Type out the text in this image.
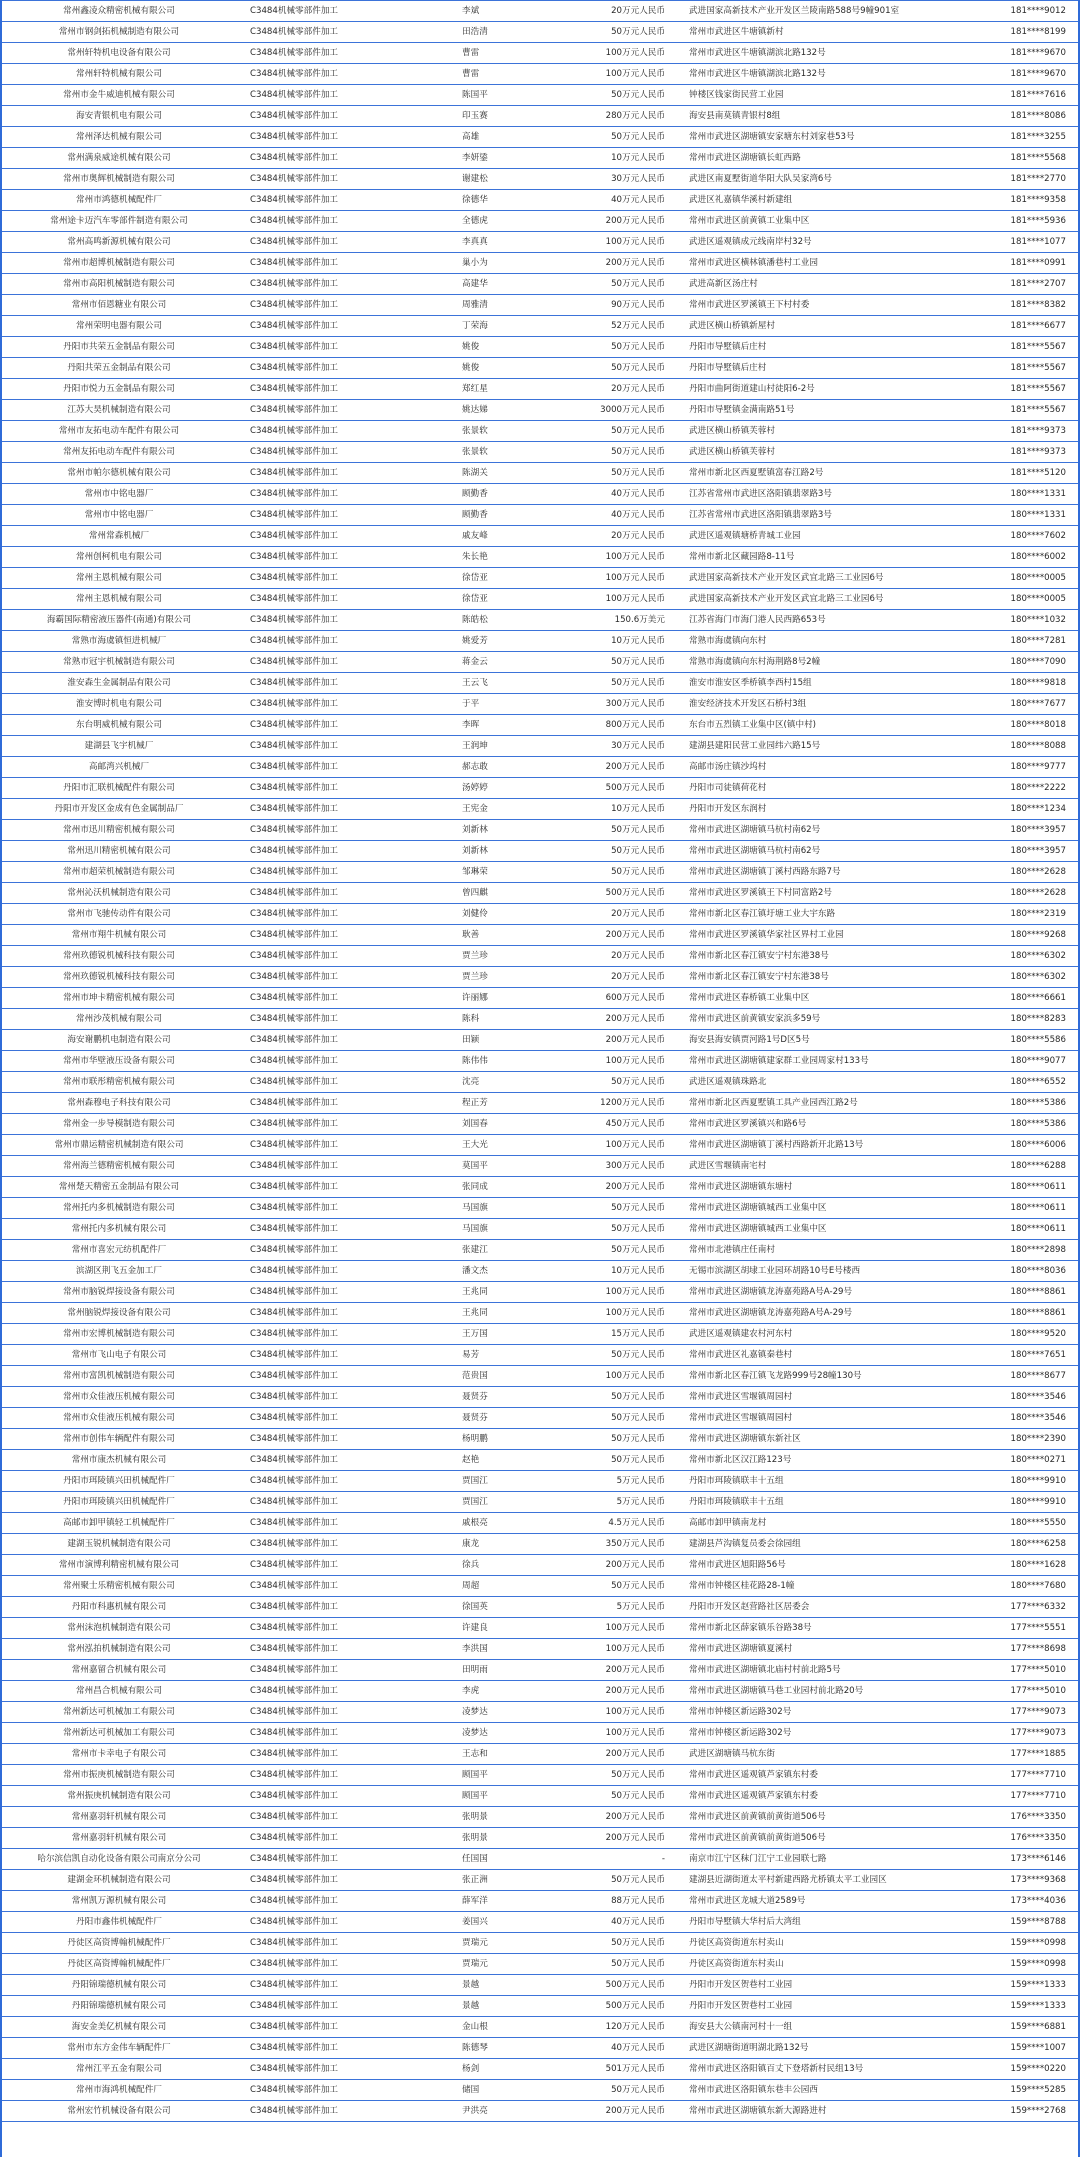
常州鑫凌众精密机械有限公司	C3484机械零部件加工	李斌	20万元人民币	武进国家高新技术产业开发区兰陵南路588号9幢901室	181****9012
常州市钢剑拓机械制造有限公司	C3484机械零部件加工	田浩清	50万元人民币	常州市武进区牛塘镇新村	181****8199
常州轩特机电设备有限公司	C3484机械零部件加工	曹雷	100万元人民币	常州市武进区牛塘镇湖滨北路132号	181****9670
常州轩特机械有限公司	C3484机械零部件加工	曹雷	100万元人民币	常州市武进区牛塘镇湖滨北路132号	181****9670
常州市金牛威迪机械有限公司	C3484机械零部件加工	陈国平	50万元人民币	钟楼区钱家街民营工业园	181****7616
海安青银机电有限公司	C3484机械零部件加工	印玉赛	280万元人民币	海安县南莫镇青银村8组	181****8086
常州泽达机械有限公司	C3484机械零部件加工	高雄	50万元人民币	常州市武进区湖塘镇安家塘东村刘家巷53号	181****3255
常州满泉威途机械有限公司	C3484机械零部件加工	李妍鋈	10万元人民币	常州市武进区湖塘镇长虹西路	181****5568
常州市奥辉机械制造有限公司	C3484机械零部件加工	谢建松	30万元人民币	武进区南夏墅街道华阳大队吴家湾6号	181****2770
常州市鸿德机械配件厂	C3484机械零部件加工	徐德华	40万元人民币	武进区礼嘉镇华溪村新建组	181****9358
常州途卡迈汽车零部件制造有限公司	C3484机械零部件加工	全德虎	200万元人民币	常州市武进区前黄镇工业集中区	181****5936
常州高鸣新源机械有限公司	C3484机械零部件加工	李真真	100万元人民币	武进区遥观镇成元线南岸村32号	181****1077
常州市超博机械制造有限公司	C3484机械零部件加工	巢小为	200万元人民币	常州市武进区横林镇潘巷村工业园	181****0991
常州市高阳机械制造有限公司	C3484机械零部件加工	高建华	50万元人民币	武进高新区汤庄村	181****2707
常州市佰恩糖业有限公司	C3484机械零部件加工	周雅清	90万元人民币	常州市武进区罗溪镇王下村村委	181****8382
常州荣明电器有限公司	C3484机械零部件加工	丁荣海	52万元人民币	武进区横山桥镇新屋村	181****6677
丹阳市共荣五金制品有限公司	C3484机械零部件加工	姚俊	50万元人民币	丹阳市导墅镇后庄村	181****5567
丹阳共荣五金制品有限公司	C3484机械零部件加工	姚俊	50万元人民币	丹阳市导墅镇后庄村	181****5567
丹阳市悦力五金制品有限公司	C3484机械零部件加工	郑红星	20万元人民币	丹阳市曲阿街道建山村徒阳6-2号	181****5567
江苏大昊机械制造有限公司	C3484机械零部件加工	姚达娣	3000万元人民币	丹阳市导墅镇金满南路51号	181****5567
常州市友拓电动车配件有限公司	C3484机械零部件加工	张景软	50万元人民币	武进区横山桥镇芙蓉村	181****9373
常州友拓电动车配件有限公司	C3484机械零部件加工	张景软	50万元人民币	武进区横山桥镇芙蓉村	181****9373
常州市帕尔德机械有限公司	C3484机械零部件加工	陈湖关	50万元人民币	常州市新北区西夏墅镇富春江路2号	181****5120
常州市中铭电器厂	C3484机械零部件加工	顾勤香	40万元人民币	江苏省常州市武进区洛阳镇翡翠路3号	180****1331
常州市中铭电器厂	C3484机械零部件加工	顾勤香	40万元人民币	江苏省常州市武进区洛阳镇翡翠路3号	180****1331
常州常森机械厂	C3484机械零部件加工	戚友峰	20万元人民币	武进区遥观镇塘桥青城工业园	180****7602
常州创柯机电有限公司	C3484机械零部件加工	朱长艳	100万元人民币	常州市新北区藏园路8-11号	180****6002
常州主恩机械有限公司	C3484机械零部件加工	徐岱亚	100万元人民币	武进国家高新技术产业开发区武宜北路三工业园6号	180****0005
常州主恩机械有限公司	C3484机械零部件加工	徐岱亚	100万元人民币	武进国家高新技术产业开发区武宜北路三工业园6号	180****0005
海霸国际精密液压器件(南通)有限公司	C3484机械零部件加工	陈皓松	150.6万美元	江苏省海门市海门港人民西路653号	180****1032
常熟市海虞镇恒进机械厂	C3484机械零部件加工	姚爱芳	10万元人民币	常熟市海虞镇向东村	180****7281
常熟市冠宇机械制造有限公司	C3484机械零部件加工	蒋金云	50万元人民币	常熟市海虞镇向东村海荆路8号2幢	180****7090
淮安森生金属制品有限公司	C3484机械零部件加工	王云飞	50万元人民币	淮安市淮安区季桥镇李西村15组	180****9818
淮安博时机电有限公司	C3484机械零部件加工	于平	300万元人民币	淮安经济技术开发区石桥村3组	180****7677
东台明威机械有限公司	C3484机械零部件加工	李晖	800万元人民币	东台市五烈镇工业集中区(镇中村)	180****8018
建湖县飞宇机械厂	C3484机械零部件加工	王润坤	30万元人民币	建湖县建阳民营工业园纬六路15号	180****8088
高邮湾兴机械厂	C3484机械零部件加工	郝志敢	200万元人民币	高邮市汤庄镇沙坞村	180****9777
丹阳市汇联机械配件有限公司	C3484机械零部件加工	汤婷婷	500万元人民币	丹阳市司徒镇荷花村	180****2222
丹阳市开发区金成有色金属制品厂	C3484机械零部件加工	王宪金	10万元人民币	丹阳市开发区东润村	180****1234
常州市迅川精密机械有限公司	C3484机械零部件加工	刘新林	50万元人民币	常州市武进区湖塘镇马杭村南62号	180****3957
常州迅川精密机械有限公司	C3484机械零部件加工	刘新林	50万元人民币	常州市武进区湖塘镇马杭村南62号	180****3957
常州市超荣机械制造有限公司	C3484机械零部件加工	邹琳荣	50万元人民币	常州市武进区湖塘镇丁溪村西路东路7号	180****2628
常州沁沃机械制造有限公司	C3484机械零部件加工	曾四麒	500万元人民币	常州市武进区罗溪镇王下村同富路2号	180****2628
常州市飞驰传动件有限公司	C3484机械零部件加工	刘健伶	20万元人民币	常州市新北区春江镇圩塘工业大宇东路	180****2319
常州市翔牛机械有限公司	C3484机械零部件加工	耿善	200万元人民币	常州市武进区罗溪镇华家社区界村工业园	180****9268
常州玖德锐机械科技有限公司	C3484机械零部件加工	贾兰珍	20万元人民币	常州市新北区春江镇安宁村东港38号	180****6302
常州玖德锐机械科技有限公司	C3484机械零部件加工	贾兰珍	20万元人民币	常州市新北区春江镇安宁村东港38号	180****6302
常州市坤卡精密机械有限公司	C3484机械零部件加工	许丽娜	600万元人民币	常州市武进区春桥镇工业集中区	180****6661
常州沙茂机械有限公司	C3484机械零部件加工	陈科	200万元人民币	常州市武进区前黄镇安家浜多59号	180****8283
海安谢鹏机电制造有限公司	C3484机械零部件加工	田颖	200万元人民币	海安县海安镇贾河路1号D区5号	180****5586
常州市华壁液压设备有限公司	C3484机械零部件加工	陈伟伟	100万元人民币	常州市武进区湖塘镇建家群工业园周家村133号	180****9077
常州市联彤精密机械有限公司	C3484机械零部件加工	沈亮	50万元人民币	武进区遥观镇珠路北	180****6552
常州森穆电子科技有限公司	C3484机械零部件加工	程正芳	1200万元人民币	常州市新北区西夏墅镇工具产业园西江路2号	180****5386
常州金一步导模制造有限公司	C3484机械零部件加工	刘国春	450万元人民币	常州市武进区罗溪镇兴和路6号	180****5386
常州市鼎运精密机械制造有限公司	C3484机械零部件加工	王大光	100万元人民币	常州市武进区湖塘镇丁溪村西路新开北路13号	180****6006
常州海兰德精密机械有限公司	C3484机械零部件加工	莫国平	300万元人民币	武进区雪堰镇南宅村	180****6288
常州楚天精密五金制品有限公司	C3484机械零部件加工	张同成	200万元人民币	常州市武进区湖塘镇东塘村	180****0611
常州托内多机械制造有限公司	C3484机械零部件加工	马国旗	50万元人民币	常州市武进区湖塘镇城西工业集中区	180****0611
常州托内多机械有限公司	C3484机械零部件加工	马国旗	50万元人民币	常州市武进区湖塘镇城西工业集中区	180****0611
常州市喜宏元纺机配件厂	C3484机械零部件加工	张建江	50万元人民币	常州市北港镇庄任南村	180****2898
滨湖区荆飞五金加工厂	C3484机械零部件加工	潘文杰	10万元人民币	无锡市滨湖区胡埭工业园环胡路10号E号楼西	180****8036
常州市脑锐焊接设备有限公司	C3484机械零部件加工	王兆同	100万元人民币	常州市武进区湖塘镇龙涛嘉苑路A号A-29号	180****8861
常州脑锐焊接设备有限公司	C3484机械零部件加工	王兆同	100万元人民币	常州市武进区湖塘镇龙涛嘉苑路A号A-29号	180****8861
常州市宏博机械制造有限公司	C3484机械零部件加工	王万国	15万元人民币	武进区遥观镇建农村河东村	180****9520
常州市飞山电子有限公司	C3484机械零部件加工	易芳	50万元人民币	常州市武进区礼嘉镇秦巷村	180****7651
常州市富凯机械制造有限公司	C3484机械零部件加工	范贵国	100万元人民币	常州市新北区春江镇飞龙路999号28幢130号	180****8677
常州市众佳液压机械有限公司	C3484机械零部件加工	聂贤芬	50万元人民币	常州市武进区雪堰镇周园村	180****3546
常州市众佳液压机械有限公司	C3484机械零部件加工	聂贤芬	50万元人民币	常州市武进区雪堰镇周园村	180****3546
常州市创伟车辆配件有限公司	C3484机械零部件加工	杨明鹏	50万元人民币	常州市武进区湖塘镇东新社区	180****2390
常州市康杰机械有限公司	C3484机械零部件加工	赵艳	50万元人民币	常州市新北区汉江路123号	180****0271
丹阳市珥陵镇兴田机械配件厂	C3484机械零部件加工	贾国江	5万元人民币	丹阳市珥陵镇联丰十五组	180****9910
丹阳市珥陵镇兴田机械配件厂	C3484机械零部件加工	贾国江	5万元人民币	丹阳市珥陵镇联丰十五组	180****9910
高邮市卸甲镇轻工机械配件厂	C3484机械零部件加工	戚根亮	4.5万元人民币	高邮市卸甲镇南龙村	180****5550
建湖玉锐机械制造有限公司	C3484机械零部件加工	康龙	350万元人民币	建湖县芦沟镇复员委会徐园组	180****6258
常州市演博利精密机械有限公司	C3484机械零部件加工	徐兵	200万元人民币	常州市武进区旭阳路56号	180****1628
常州聚士乐精密机械有限公司	C3484机械零部件加工	周超	50万元人民币	常州市钟楼区桂花路28-1幢	180****7680
丹阳市科惠机械有限公司	C3484机械零部件加工	徐国英	5万元人民币	丹阳市开发区赵营路社区居委会	177****6332
常州沫泡机械制造有限公司	C3484机械零部件加工	许建良	100万元人民币	常州市新北区薛家镇乐谷路38号	177****5551
常州泓拍机械制造有限公司	C3484机械零部件加工	李洪国	100万元人民币	常州市武进区湖塘镇夏溪村	177****8698
常州嘉留合机械有限公司	C3484机械零部件加工	田明雨	200万元人民币	常州市武进区湖塘镇北庙村村前北路5号	177****5010
常州昌合机械有限公司	C3484机械零部件加工	李虎	200万元人民币	常州市武进区湖塘镇马巷工业园村前北路20号	177****5010
常州新达可机械加工有限公司	C3484机械零部件加工	凌梦达	100万元人民币	常州市钟楼区新运路302号	177****9073
常州新达可机械加工有限公司	C3484机械零部件加工	凌梦达	100万元人民币	常州市钟楼区新运路302号	177****9073
常州市卡幸电子有限公司	C3484机械零部件加工	王志和	200万元人民币	武进区湖塘镇马杭东街	177****1885
常州市振庚机械制造有限公司	C3484机械零部件加工	顾国平	50万元人民币	常州市武进区遥观镇芦家镇东村委	177****7710
常州振庚机械制造有限公司	C3484机械零部件加工	顾国平	50万元人民币	常州市武进区遥观镇芦家镇东村委	177****7710
常州嘉羽轩机械有限公司	C3484机械零部件加工	张明景	200万元人民币	常州市武进区前黄镇前黄街道506号	176****3350
常州嘉羽轩机械有限公司	C3484机械零部件加工	张明景	200万元人民币	常州市武进区前黄镇前黄街道506号	176****3350
哈尔滨信凯自动化设备有限公司南京分公司	C3484机械零部件加工	任国国	-	南京市江宁区秣门江宁工业园联七路	173****6146
建湖金环机械制造有限公司	C3484机械零部件加工	张正洲	50万元人民币	建湖县近湖街道太平村新建西路尤桥镇太平工业园区	173****9368
常州凯万源机械有限公司	C3484机械零部件加工	薛军洋	88万元人民币	常州市武进区龙城大道2589号	173****4036
丹阳市鑫伟机械配件厂	C3484机械零部件加工	姜国兴	40万元人民币	丹阳市导墅镇大华村后大湾组	159****8788
丹徒区高资博翰机械配件厂	C3484机械零部件加工	贾瑞元	50万元人民币	丹徒区高资街道东村卖山	159****0998
丹徒区高资博翰机械配件厂	C3484机械零部件加工	贾瑞元	50万元人民币	丹徒区高资街道东村卖山	159****0998
丹阳锦瑞德机械有限公司	C3484机械零部件加工	景越	500万元人民币	丹阳市开发区贺巷村工业园	159****1333
丹阳锦瑞德机械有限公司	C3484机械零部件加工	景越	500万元人民币	丹阳市开发区贺巷村工业园	159****1333
海安金美亿机械有限公司	C3484机械零部件加工	金山根	120万元人民币	海安县大公镇南河村十一组	159****6881
常州市东方金伟车辆配件厂	C3484机械零部件加工	陈德琴	40万元人民币	武进区湖塘街道明湖北路132号	159****1007
常州江平五金有限公司	C3484机械零部件加工	杨剑	501万元人民币	常州市武进区洛阳镇百丈下登塔新村民组13号	159****0220
常州市海鸿机械配件厂	C3484机械零部件加工	储国	50万元人民币	常州市武进区洛阳镇东巷丰公园西	159****5285
常州宏竹机械设备有限公司	C3484机械零部件加工	尹洪亮	200万元人民币	常州市武进区湖塘镇东新大源路进村	159****2768
